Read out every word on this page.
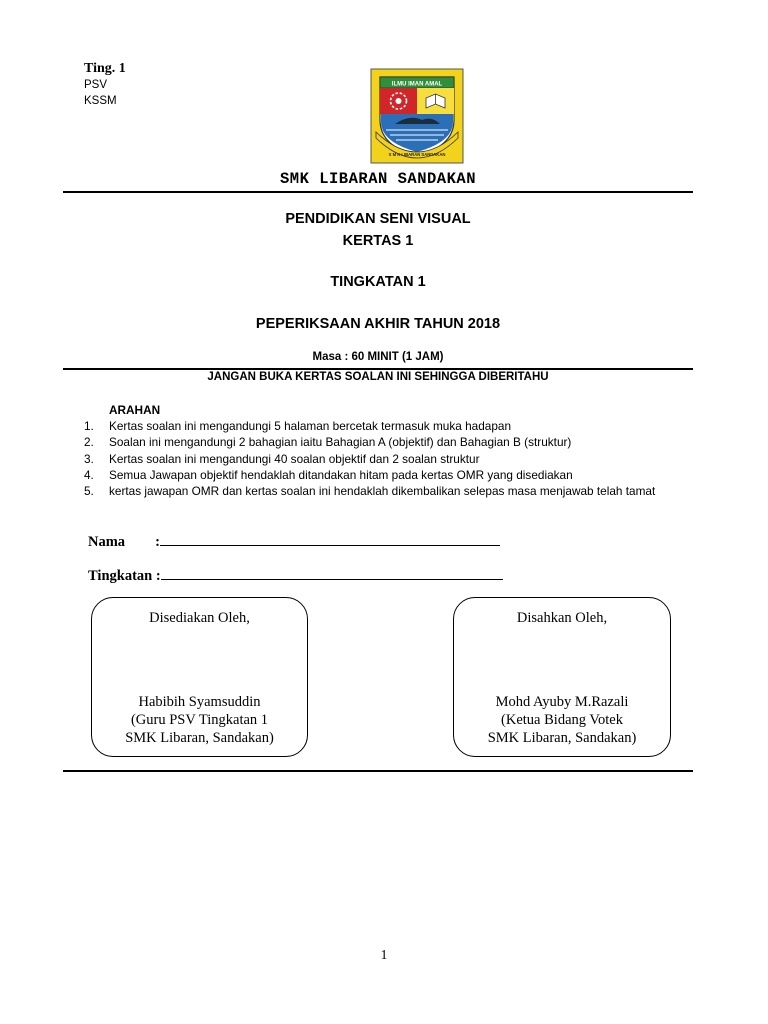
Ting. 1
PSV
KSSM
ILMU IMAN AMAL
S M K LIBARAN SANDAKAN
SMK LIBARAN SANDAKAN
PENDIDIKAN SENI VISUAL
KERTAS 1
TINGKATAN 1
PEPERIKSAAN AKHIR TAHUN 2018
Masa : 60 MINIT (1 JAM)
JANGAN BUKA KERTAS SOALAN INI SEHINGGA DIBERITAHU
ARAHAN
1. Kertas soalan ini mengandungi 5 halaman bercetak termasuk muka hadapan
2. Soalan ini mengandungi 2 bahagian iaitu Bahagian A (objektif) dan Bahagian B (struktur)
3. Kertas soalan ini mengandungi 40 soalan objektif dan 2 soalan struktur
4. Semua Jawapan objektif hendaklah ditandakan hitam pada kertas OMR yang disediakan
5. kertas jawapan OMR dan kertas soalan ini hendaklah dikembalikan selepas masa menjawab telah tamat
Nama :
Tingkatan :
Disediakan Oleh,
Habibih Syamsuddin
(Guru PSV Tingkatan 1
SMK Libaran, Sandakan)
Disahkan Oleh,
Mohd Ayuby M.Razali
(Ketua Bidang Votek
SMK Libaran, Sandakan)
1
